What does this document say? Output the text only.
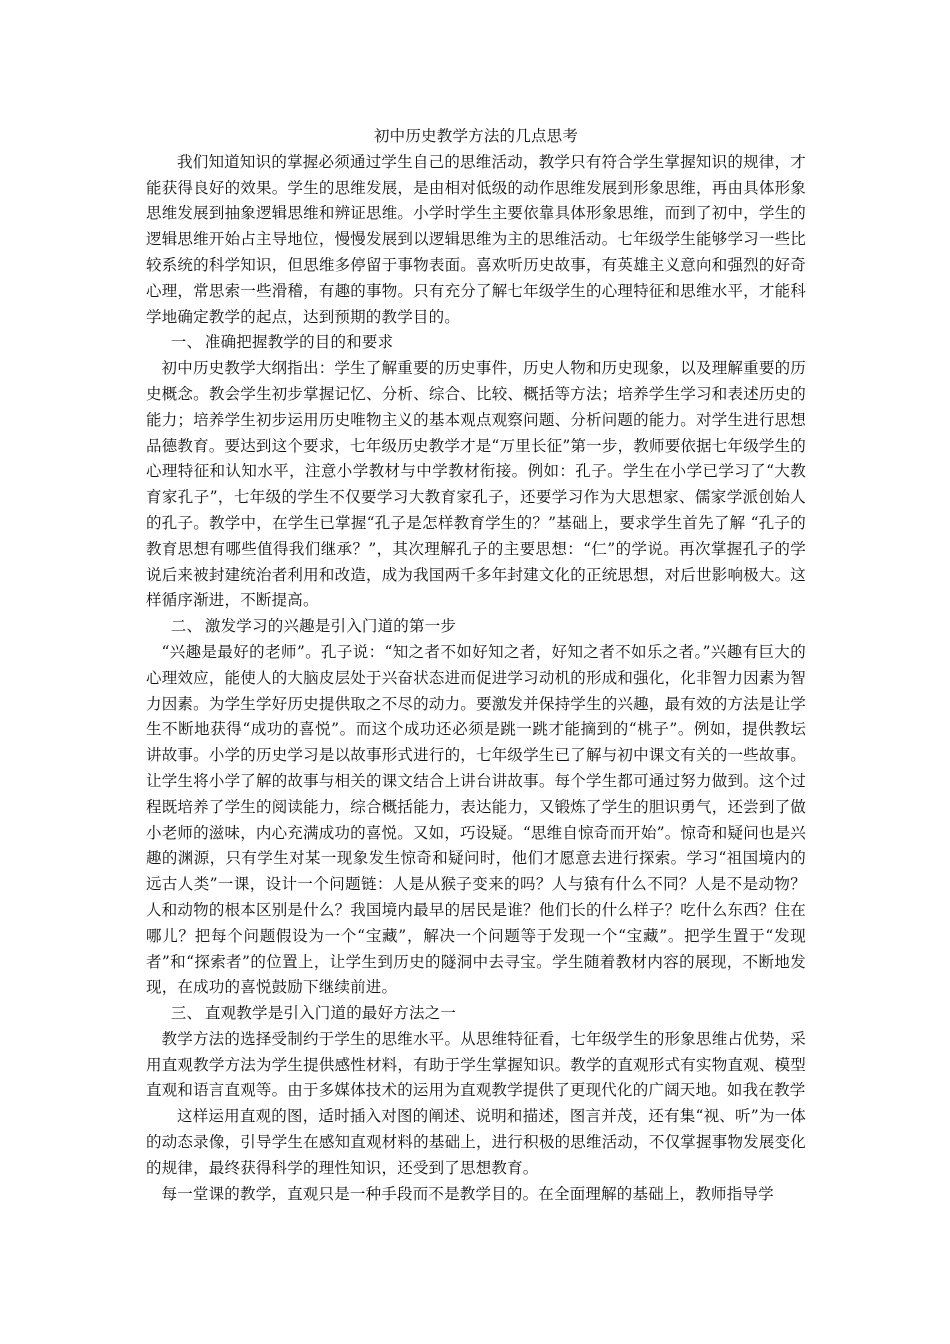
初中历史教学方法的几点思考

我们知道知识的掌握必须通过学生自己的思维活动，教学只有符合学生掌握知识的规律，才能获得良好的效果。学生的思维发展，是由相对低级的动作思维发展到形象思维，再由具体形象思维发展到抽象逻辑思维和辨证思维。小学时学生主要依靠具体形象思维，而到了初中，学生的逻辑思维开始占主导地位，慢慢发展到以逻辑思维为主的思维活动。七年级学生能够学习一些比较系统的科学知识，但思维多停留于事物表面。喜欢听历史故事，有英雄主义意向和强烈的好奇心理，常思索一些滑稽，有趣的事物。只有充分了解七年级学生的心理特征和思维水平，才能科学地确定教学的起点，达到预期的教学目的。

一、 准确把握教学的目的和要求

初中历史教学大纲指出：学生了解重要的历史事件，历史人物和历史现象，以及理解重要的历史概念。教会学生初步掌握记忆、分析、综合、比较、概括等方法；培养学生学习和表述历史的能力；培养学生初步运用历史唯物主义的基本观点观察问题、分析问题的能力。对学生进行思想品德教育。要达到这个要求，七年级历史教学才是“万里长征”第一步，教师要依据七年级学生的心理特征和认知水平，注意小学教材与中学教材衔接。例如：孔子。学生在小学已学习了“大教育家孔子”，七年级的学生不仅要学习大教育家孔子，还要学习作为大思想家、儒家学派创始人的孔子。教学中，在学生已掌握“孔子是怎样教育学生的？”基础上，要求学生首先了解 “孔子的教育思想有哪些值得我们继承？”，其次理解孔子的主要思想：“仁”的学说。再次掌握孔子的学说后来被封建统治者利用和改造，成为我国两千多年封建文化的正统思想，对后世影响极大。这样循序渐进，不断提高。

二、 激发学习的兴趣是引入门道的第一步

“兴趣是最好的老师”。孔子说：“知之者不如好知之者，好知之者不如乐之者。”兴趣有巨大的心理效应，能使人的大脑皮层处于兴奋状态进而促进学习动机的形成和强化，化非智力因素为智力因素。为学生学好历史提供取之不尽的动力。要激发并保持学生的兴趣，最有效的方法是让学生不断地获得“成功的喜悦”。而这个成功还必须是跳一跳才能摘到的“桃子”。例如，提供教坛讲故事。小学的历史学习是以故事形式进行的，七年级学生已了解与初中课文有关的一些故事。让学生将小学了解的故事与相关的课文结合上讲台讲故事。每个学生都可通过努力做到。这个过程既培养了学生的阅读能力，综合概括能力，表达能力，又锻炼了学生的胆识勇气，还尝到了做小老师的滋味，内心充满成功的喜悦。又如，巧设疑。“思维自惊奇而开始”。惊奇和疑问也是兴趣的渊源，只有学生对某一现象发生惊奇和疑问时，他们才愿意去进行探索。学习“祖国境内的远古人类”一课，设计一个问题链：人是从猴子变来的吗？人与猿有什么不同？人是不是动物？人和动物的根本区别是什么？我国境内最早的居民是谁？他们长的什么样子？吃什么东西？住在哪儿？把每个问题假设为一个“宝藏”，解决一个问题等于发现一个“宝藏”。把学生置于“发现者”和“探索者”的位置上，让学生到历史的隧洞中去寻宝。学生随着教材内容的展现，不断地发现，在成功的喜悦鼓励下继续前进。

三、 直观教学是引入门道的最好方法之一

教学方法的选择受制约于学生的思维水平。从思维特征看，七年级学生的形象思维占优势，采用直观教学方法为学生提供感性材料，有助于学生掌握知识。教学的直观形式有实物直观、模型直观和语言直观等。由于多媒体技术的运用为直观教学提供了更现代化的广阔天地。如我在教学

这样运用直观的图，适时插入对图的阐述、说明和描述，图言并茂，还有集“视、听”为一体的动态录像，引导学生在感知直观材料的基础上，进行积极的思维活动，不仅掌握事物发展变化的规律，最终获得科学的理性知识，还受到了思想教育。

每一堂课的教学，直观只是一种手段而不是教学目的。在全面理解的基础上，教师指导学
